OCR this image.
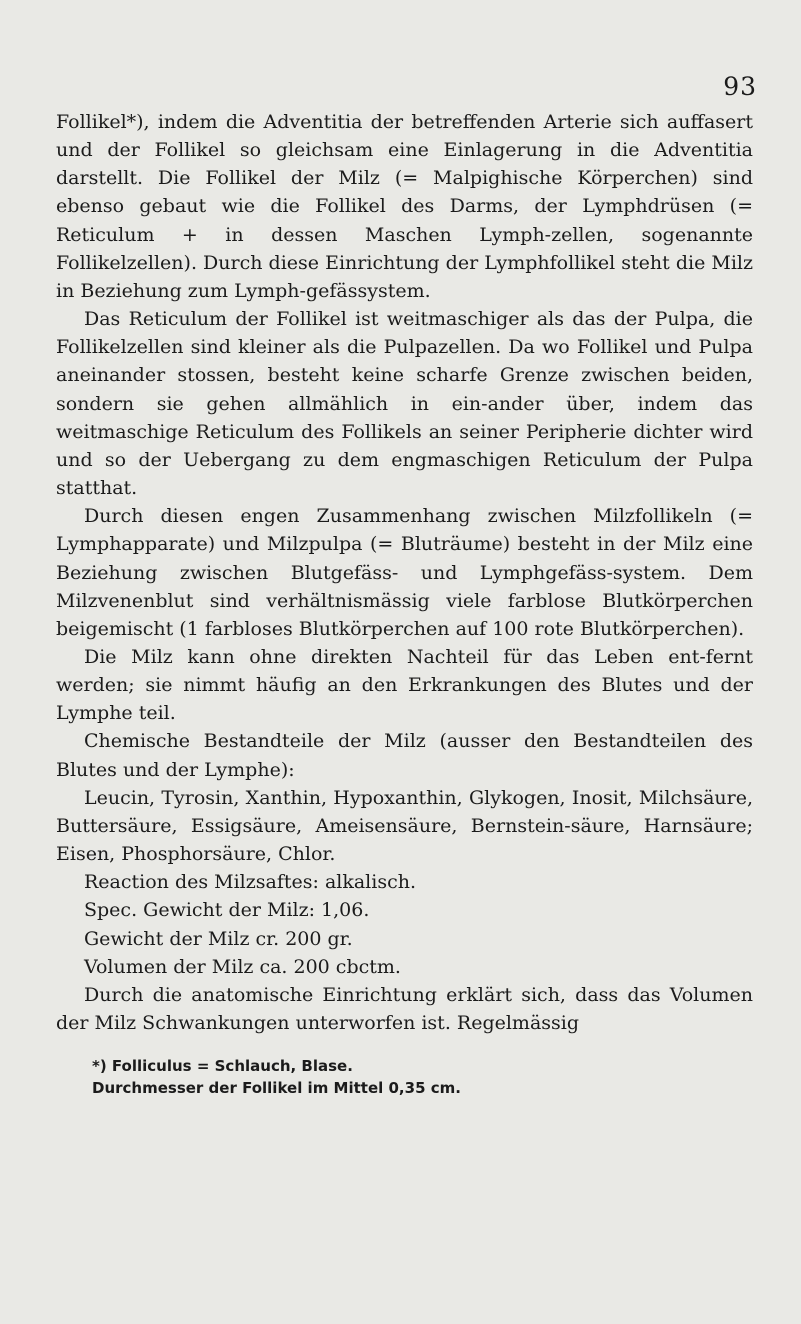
93

Follikel*), indem die Adventitia der betreffenden Arterie sich auffasert und der Follikel so gleichsam eine Einlagerung in die Adventitia darstellt. Die Follikel der Milz (= Malpighische Körperchen) sind ebenso gebaut wie die Follikel des Darms, der Lymphdrüsen (= Reticulum + in dessen Maschen Lymph-zellen, sogenannte Follikelzellen). Durch diese Einrichtung der Lymphfollikel steht die Milz in Beziehung zum Lymph-gefässystem.

Das Reticulum der Follikel ist weitmaschiger als das der Pulpa, die Follikelzellen sind kleiner als die Pulpazellen. Da wo Follikel und Pulpa aneinander stossen, besteht keine scharfe Grenze zwischen beiden, sondern sie gehen allmählich in ein-ander über, indem das weitmaschige Reticulum des Follikels an seiner Peripherie dichter wird und so der Uebergang zu dem engmaschigen Reticulum der Pulpa statthat.

Durch diesen engen Zusammenhang zwischen Milzfollikeln (= Lymphapparate) und Milzpulpa (= Bluträume) besteht in der Milz eine Beziehung zwischen Blutgefäss- und Lymphgefäss-system. Dem Milzvenenblut sind verhältnismässig viele farblose Blutkörperchen beigemischt (1 farbloses Blutkörperchen auf 100 rote Blutkörperchen).

Die Milz kann ohne direkten Nachteil für das Leben ent-fernt werden; sie nimmt häufig an den Erkrankungen des Blutes und der Lymphe teil.

Chemische Bestandteile der Milz (ausser den Bestandteilen des Blutes und der Lymphe):

Leucin, Tyrosin, Xanthin, Hypoxanthin, Glykogen, Inosit, Milchsäure, Buttersäure, Essigsäure, Ameisensäure, Bernstein-säure, Harnsäure; Eisen, Phosphorsäure, Chlor.

Reaction des Milzsaftes: alkalisch.

Spec. Gewicht der Milz: 1,06.

Gewicht der Milz cr. 200 gr.

Volumen der Milz ca. 200 cbctm.

Durch die anatomische Einrichtung erklärt sich, dass das Volumen der Milz Schwankungen unterworfen ist. Regelmässig

*) Folliculus = Schlauch, Blase.

Durchmesser der Follikel im Mittel 0,35 cm.
